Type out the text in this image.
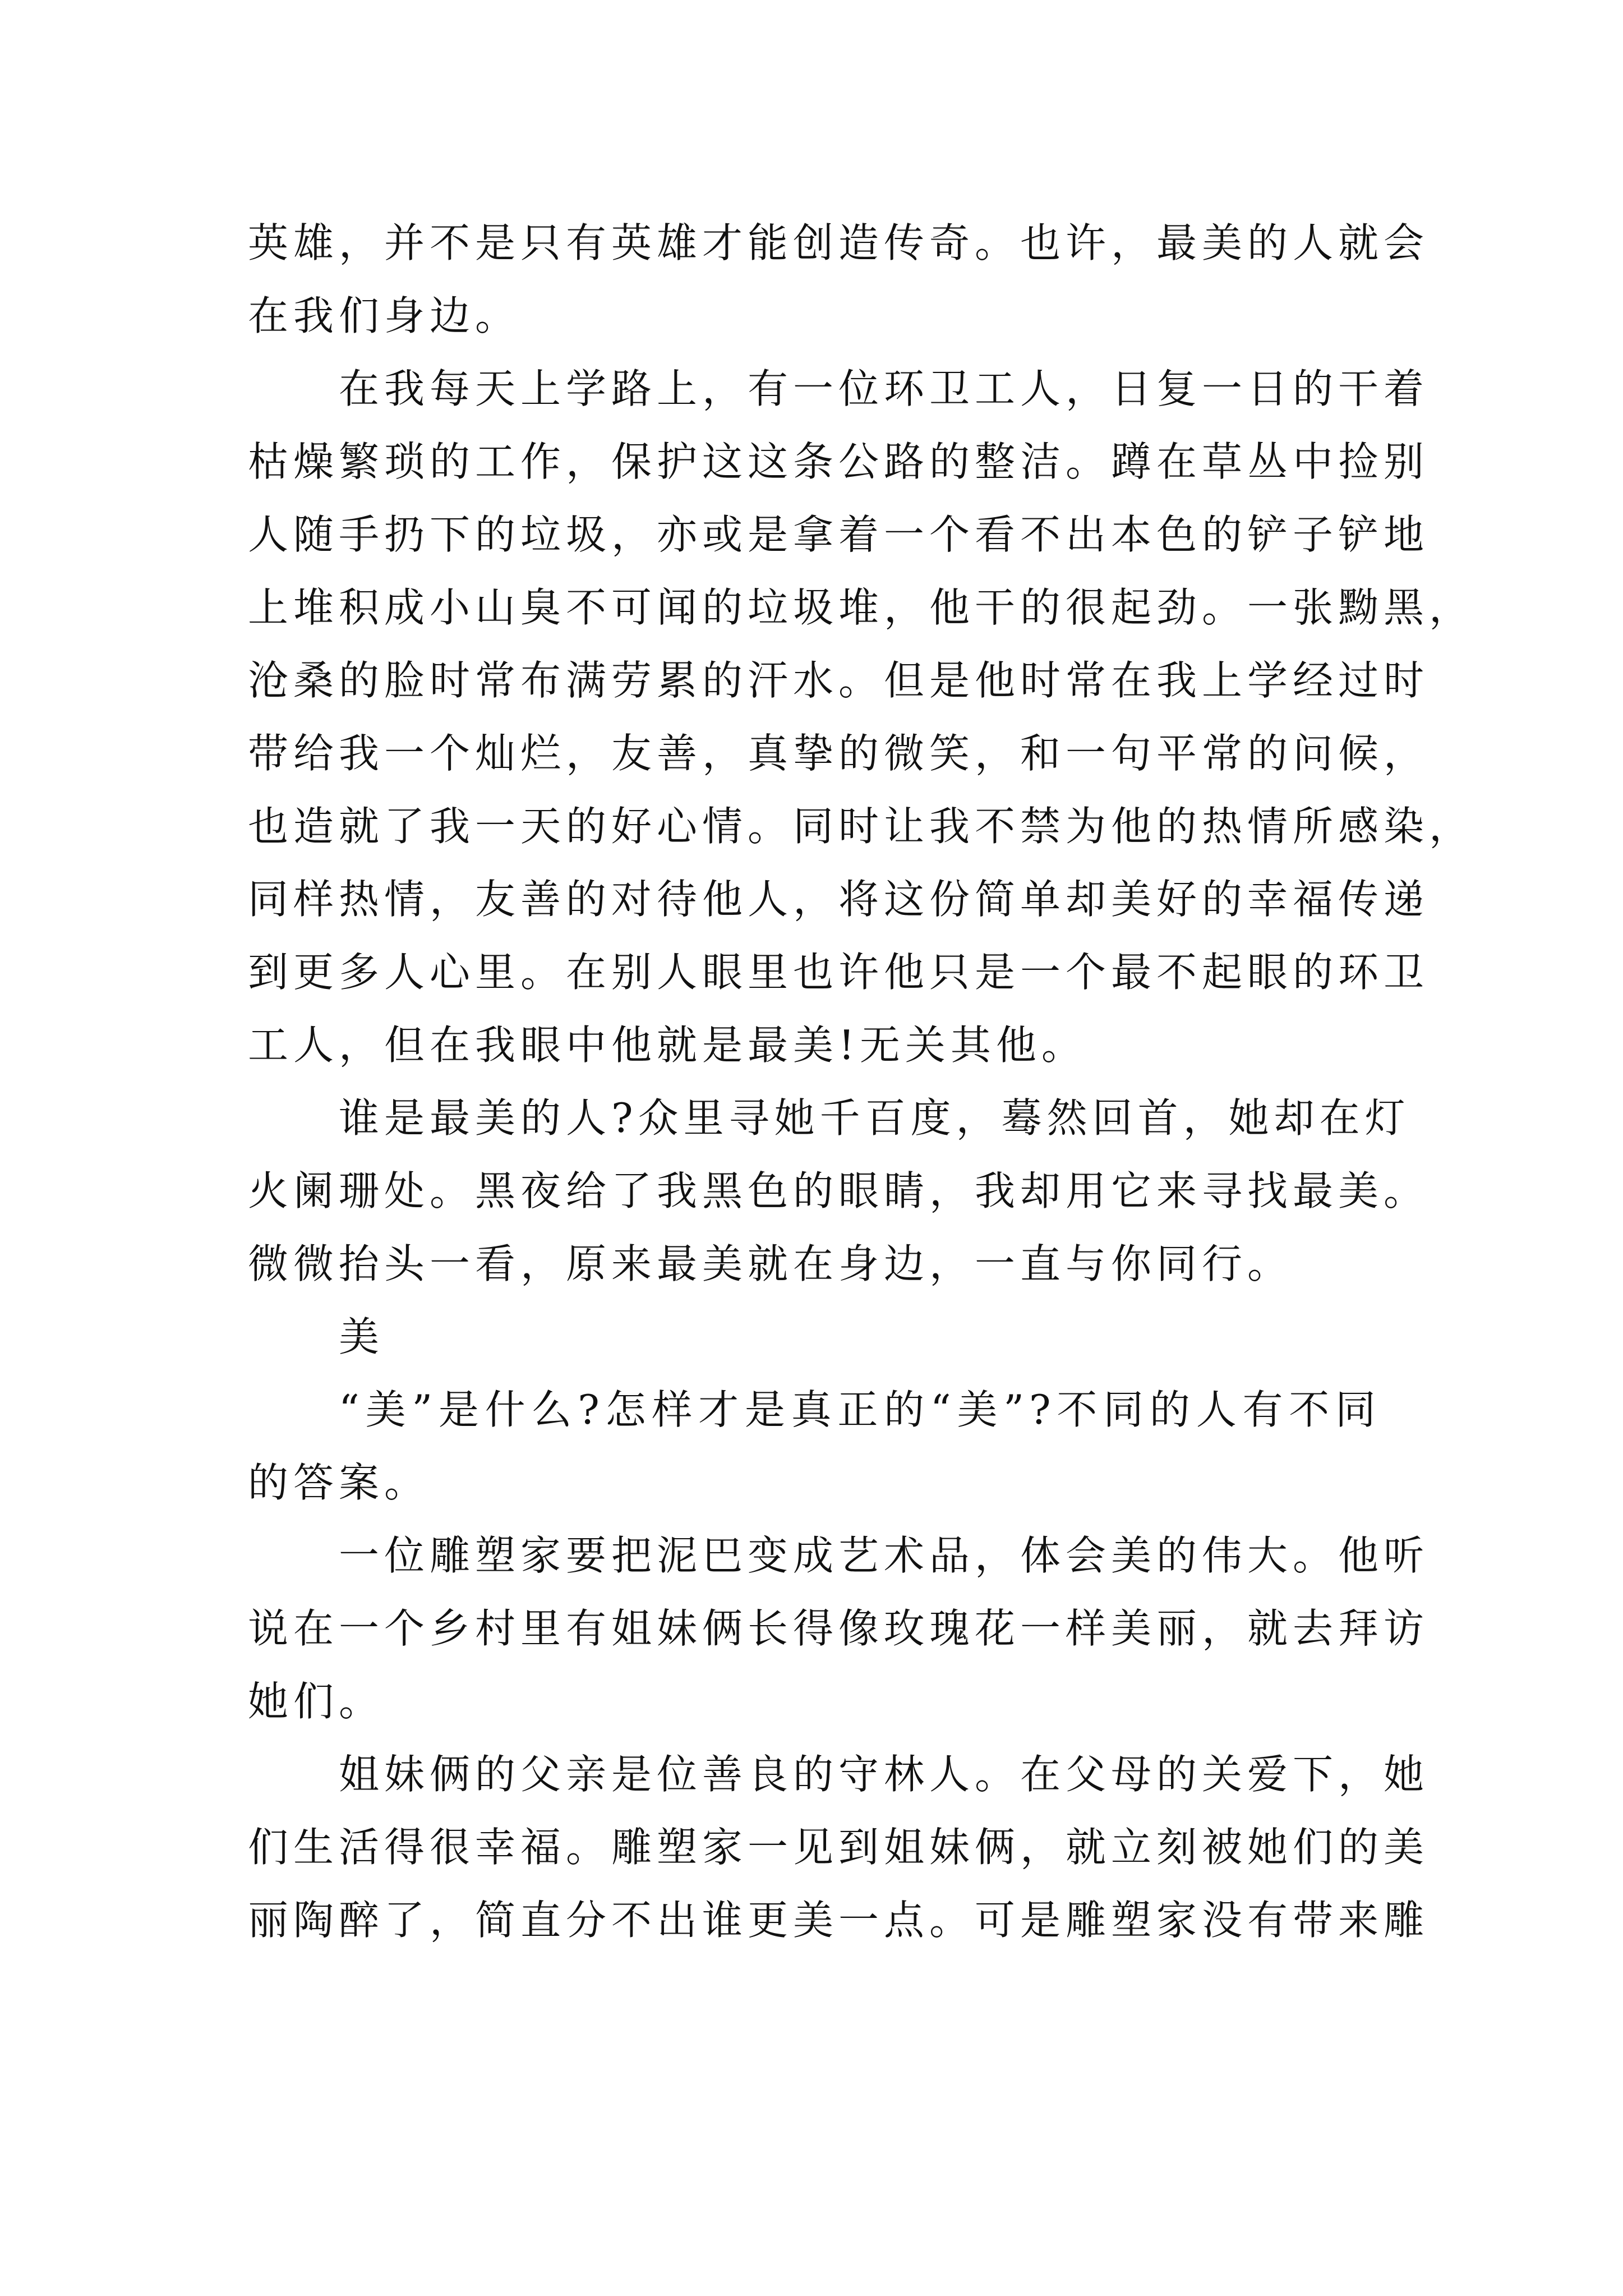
英雄，并不是只有英雄才能创造传奇。也许，最美的人就会
在我们身边。
在我每天上学路上，有一位环卫工人，日复一日的干着
枯燥繁琐的工作，保护这这条公路的整洁。蹲在草丛中捡别
人随手扔下的垃圾，亦或是拿着一个看不出本色的铲子铲地
上堆积成小山臭不可闻的垃圾堆，他干的很起劲。一张黝黑，
沧桑的脸时常布满劳累的汗水。但是他时常在我上学经过时
带给我一个灿烂，友善，真挚的微笑，和一句平常的问候，
也造就了我一天的好心情。同时让我不禁为他的热情所感染，
同样热情，友善的对待他人，将这份简单却美好的幸福传递
到更多人心里。在别人眼里也许他只是一个最不起眼的环卫
工人，但在我眼中他就是最美!无关其他。
谁是最美的人?众里寻她千百度，蓦然回首，她却在灯
火阑珊处。黑夜给了我黑色的眼睛，我却用它来寻找最美。
微微抬头一看，原来最美就在身边，一直与你同行。
美
“美”是什么?怎样才是真正的“美”?不同的人有不同
的答案。
一位雕塑家要把泥巴变成艺术品，体会美的伟大。他听
说在一个乡村里有姐妹俩长得像玫瑰花一样美丽，就去拜访
她们。
姐妹俩的父亲是位善良的守林人。在父母的关爱下，她
们生活得很幸福。雕塑家一见到姐妹俩，就立刻被她们的美
丽陶醉了，简直分不出谁更美一点。可是雕塑家没有带来雕
